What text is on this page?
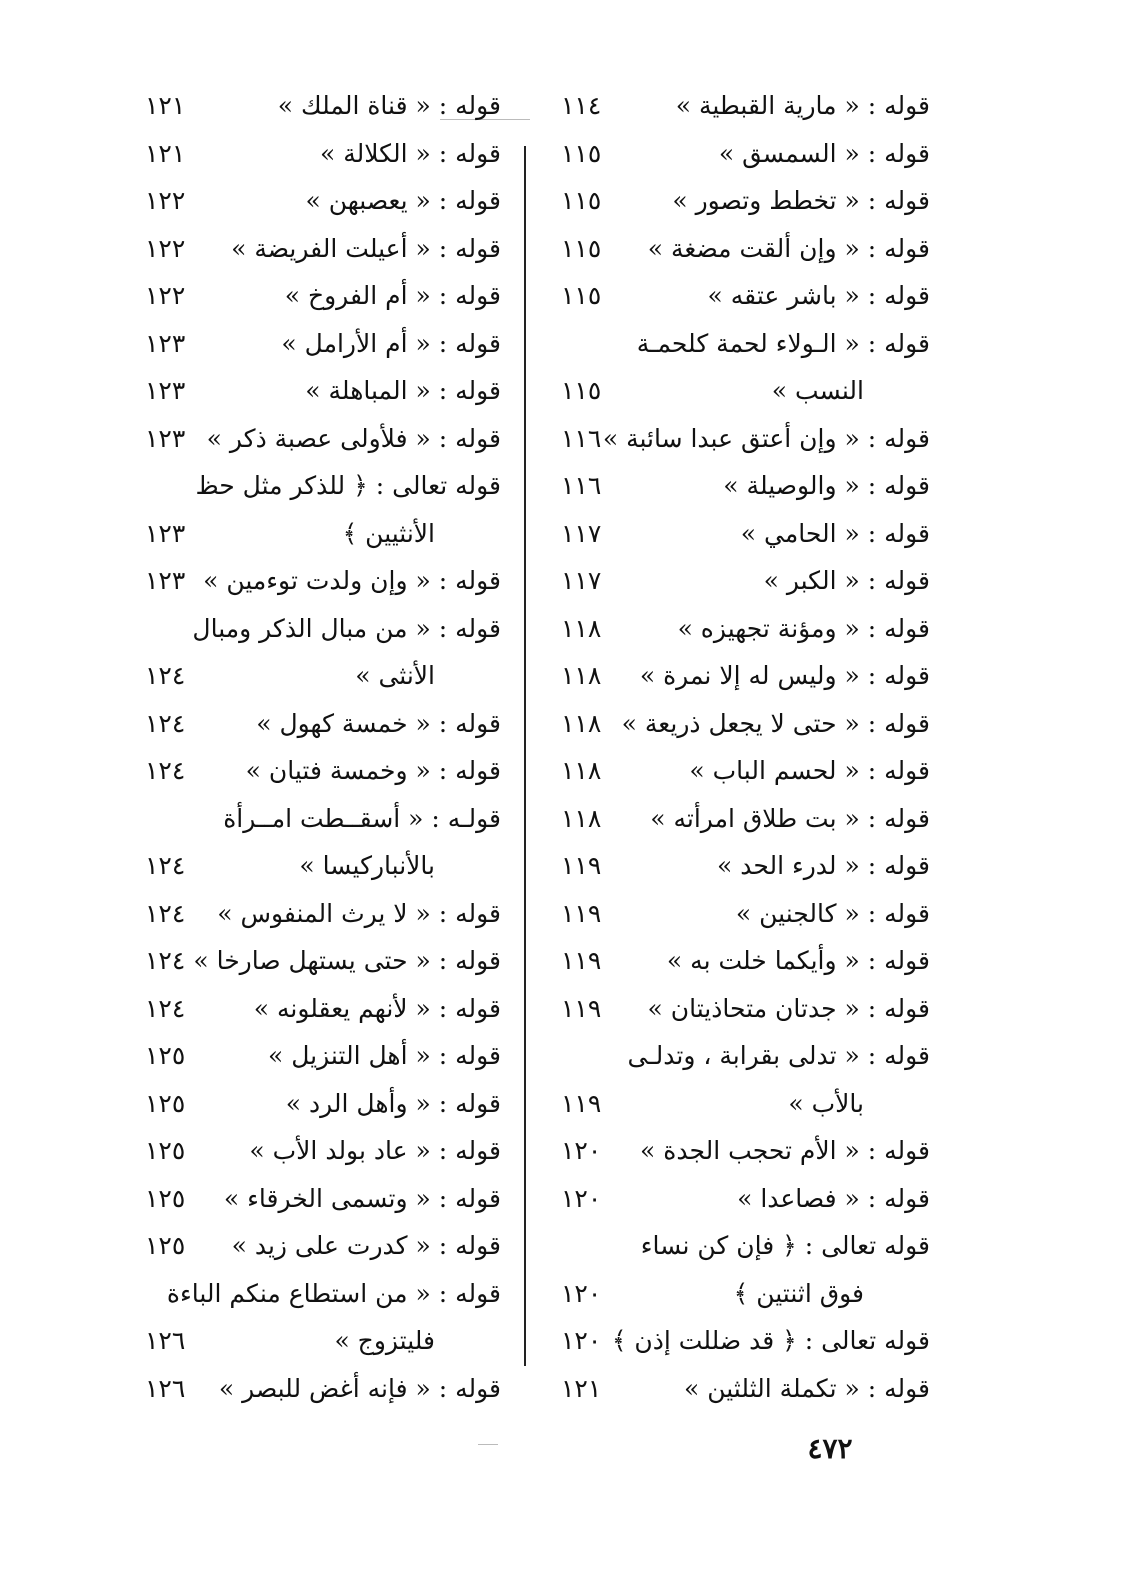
قوله : « مارية القبطية »
١١٤
قوله : « السمسق »
١١٥
قوله : « تخطط وتصور »
١١٥
قوله : « وإن ألقت مضغة »
١١٥
قوله : « باشر عتقه »
١١٥
قوله : « الـولاء لحمة كلحمـة
النسب »
١١٥
قوله : « وإن أعتق عبدا سائبة »
١١٦
قوله : « والوصيلة »
١١٦
قوله : « الحامي »
١١٧
قوله : « الكبر »
١١٧
قوله : « ومؤنة تجهيزه »
١١٨
قوله : « وليس له إلا نمرة »
١١٨
قوله : « حتى لا يجعل ذريعة »
١١٨
قوله : « لحسم الباب »
١١٨
قوله : « بت طلاق امرأته »
١١٨
قوله : « لدرء الحد »
١١٩
قوله : « كالجنين »
١١٩
قوله : « وأيكما خلت به »
١١٩
قوله : « جدتان متحاذيتان »
١١٩
قوله : « تدلى بقرابة ، وتدلـى
بالأب »
١١٩
قوله : « الأم تحجب الجدة »
١٢٠
قوله : « فصاعدا »
١٢٠
قوله تعالى : ﴿ فإن كن نساء
فوق اثنتين ﴾
١٢٠
قوله تعالى : ﴿ قد ضللت إذن ﴾
١٢٠
قوله : « تكملة الثلثين »
١٢١
قوله : « قناة الملك »
١٢١
قوله : « الكلالة »
١٢١
قوله : « يعصبهن »
١٢٢
قوله : « أعيلت الفريضة »
١٢٢
قوله : « أم الفروخ »
١٢٢
قوله : « أم الأرامل »
١٢٣
قوله : « المباهلة »
١٢٣
قوله : « فلأولى عصبة ذكر »
١٢٣
قوله تعالى : ﴿ للذكر مثل حظ
الأنثيين ﴾
١٢٣
قوله : « وإن ولدت توءمين »
١٢٣
قوله : « من مبال الذكر ومبال
الأنثى »
١٢٤
قوله : « خمسة كهول »
١٢٤
قوله : « وخمسة فتيان »
١٢٤
قولـه : « أسقــطت امــرأة
بالأنباركيسا »
١٢٤
قوله : « لا يرث المنفوس »
١٢٤
قوله : « حتى يستهل صارخا »
١٢٤
قوله : « لأنهم يعقلونه »
١٢٤
قوله : « أهل التنزيل »
١٢٥
قوله : « وأهل الرد »
١٢٥
قوله : « عاد بولد الأب »
١٢٥
قوله : « وتسمى الخرقاء »
١٢٥
قوله : « كدرت على زيد »
١٢٥
قوله : « من استطاع منكم الباءة
فليتزوج »
١٢٦
قوله : « فإنه أغض للبصر »
١٢٦
٤٧٢
